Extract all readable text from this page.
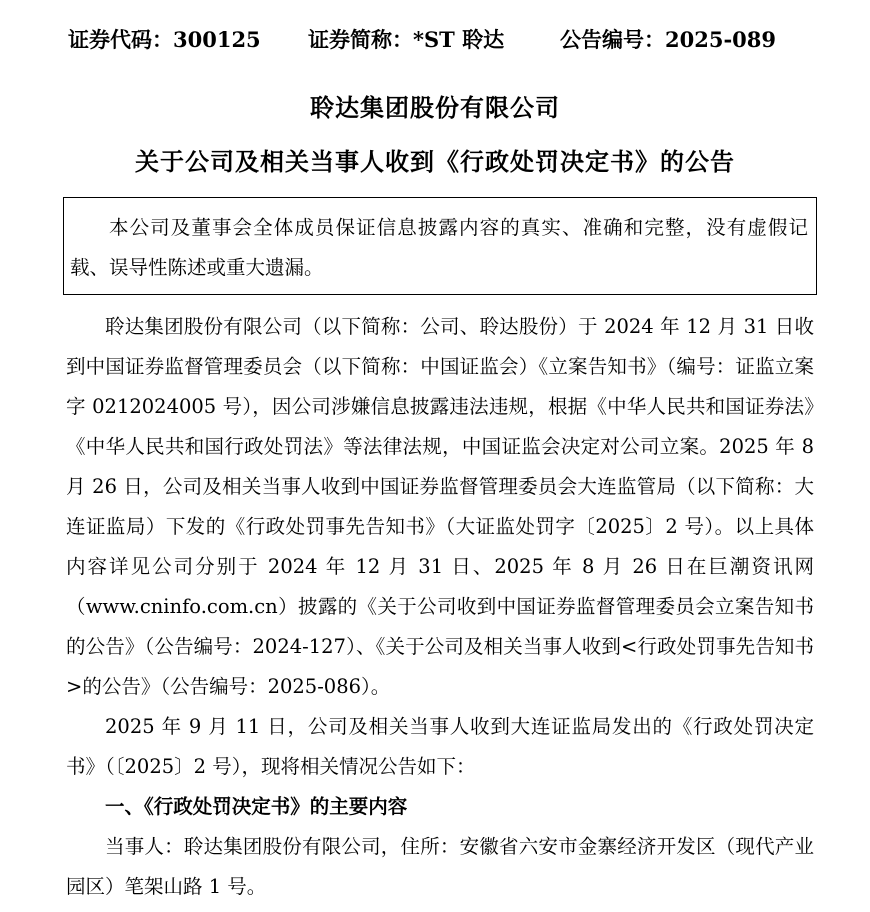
证券代码：300125 证券简称：*ST 聆达	公告编号：2025-089
聆达集团股份有限公司
关于公司及相关当事人收到《行政处罚决定书》的公告

本公司及董事会全体成员保证信息披露内容的真实、准确和完整，没有虚假记载、误导性陈述或重大遗漏。

聆达集团股份有限公司（以下简称：公司、聆达股份）于 2024 年 12 月 31 日收到中国证券监督管理委员会（以下简称：中国证监会）《立案告知书》（编号：证监立案字 0212024005 号），因公司涉嫌信息披露违法违规，根据《中华人民共和国证券法》《中华人民共和国行政处罚法》等法律法规，中国证监会决定对公司立案。2025 年 8 月 26 日，公司及相关当事人收到中国证券监督管理委员会大连监管局（以下简称：大连证监局）下发的《行政处罚事先告知书》（大证监处罚字〔2025〕2 号）。以上具体内容详见公司分别于 2024 年 12 月 31 日、2025 年 8 月 26 日在巨潮资讯网（www.cninfo.com.cn）披露的《关于公司收到中国证券监督管理委员会立案告知书的公告》（公告编号：2024-127）、《关于公司及相关当事人收到<行政处罚事先告知书>的公告》（公告编号：2025-086）。

2025 年 9 月 11 日，公司及相关当事人收到大连证监局发出的《行政处罚决定书》（〔2025〕2 号），现将相关情况公告如下：

一、《行政处罚决定书》的主要内容

当事人：聆达集团股份有限公司，住所：安徽省六安市金寨经济开发区（现代产业园区）笔架山路 1 号。
